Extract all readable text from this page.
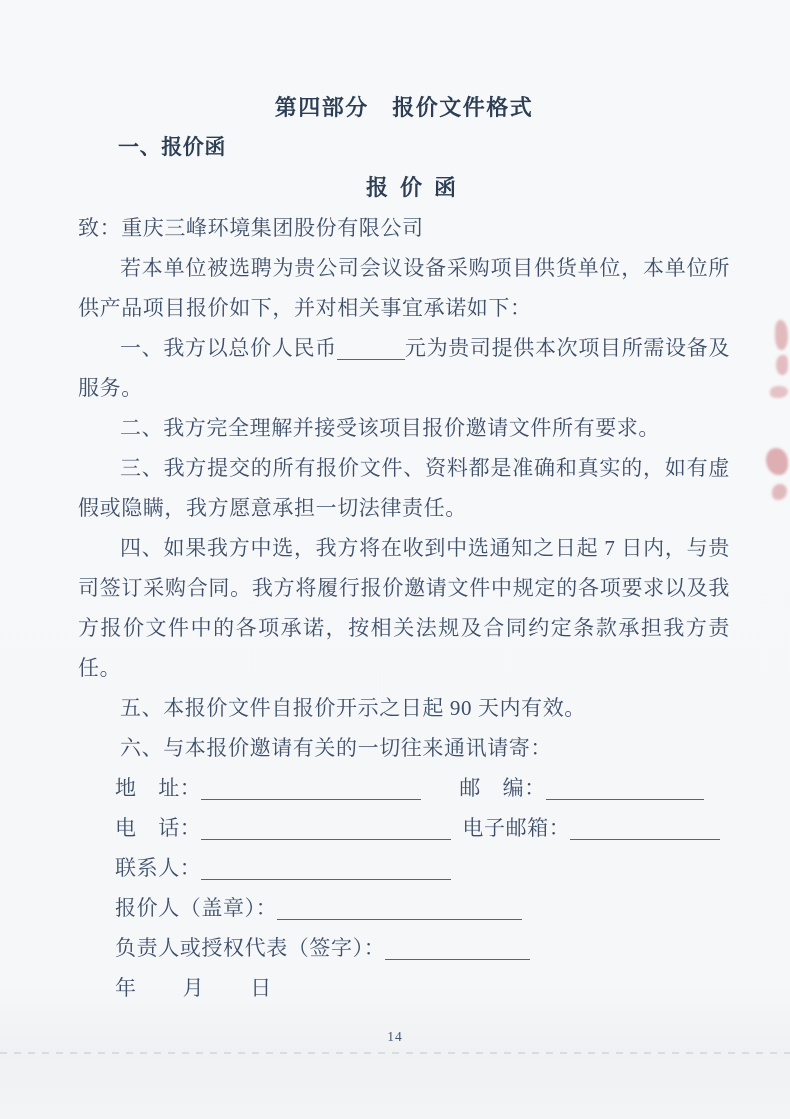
第四部分　报价文件格式
一、报价函
报价函

致：重庆三峰环境集团股份有限公司

若本单位被选聘为贵公司会议设备采购项目供货单位，本单位所供产品项目报价如下，并对相关事宜承诺如下：

一、我方以总价人民币	元为贵司提供本次项目所需设备及服务。

二、我方完全理解并接受该项目报价邀请文件所有要求。

三、我方提交的所有报价文件、资料都是准确和真实的，如有虚假或隐瞒，我方愿意承担一切法律责任。

四、如果我方中选，我方将在收到中选通知之日起 7 日内，与贵司签订采购合同。我方将履行报价邀请文件中规定的各项要求以及我方报价文件中的各项承诺，按相关法规及合同约定条款承担我方责任。

五、本报价文件自报价开示之日起 90 天内有效。

六、与本报价邀请有关的一切往来通讯请寄：

地　址：	邮　编：
电　话：	电子邮箱：
联系人：
报价人（盖章）：
负责人或授权代表（签字）：
年 月 日
14
